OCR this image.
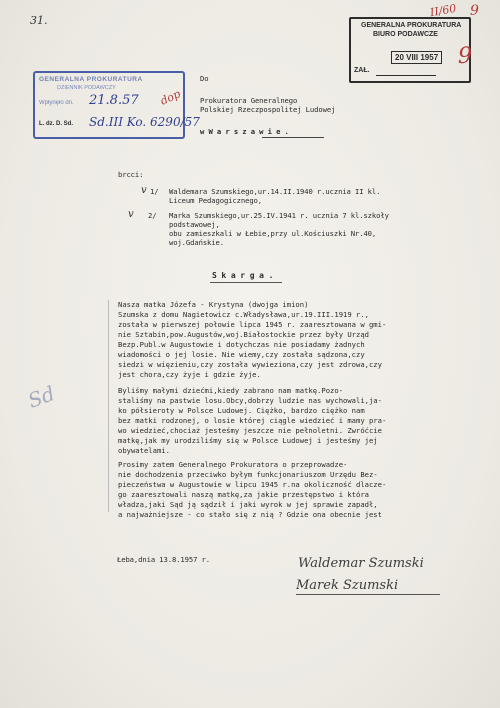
31.
9
GENERALNA PROKURATURA
DZIENNIK PODAWCZY
Wpłynęło dn. 21.8.57 dop
L. dz. D. Sd. Sd.III Ko. 6290/57
GENERALNA PROKURATURA
BIURO PODAWCZE
20 VIII 1957
ZAŁ.
II/60
9
Do
Prokuratora Generalnego
Polskiej Rzeczpospolitej Ludowej
w W a r s z a w i e .
brcci:
v 1/ Waldemara Szumskiego,ur.14.II.1940 r.ucznia II kl.
Liceum Pedagogicznego,
v 2/ Marka Szumskiego,ur.25.IV.1941 r. ucznia 7 kl.szkoły
podstawowej,
obu zamieszkali w Łebie,przy ul.Kościuszki Nr.40,
woj.Gdańskie.
S k a r g a .
Nasza matka Józefa - Krystyna (dwojga imion)
Szumska z domu Nagietowicz c.Władysława,ur.19.III.1919 r.,
została w pierwszej połowie lipca 1945 r. zaaresztowana w gmi-
nie Sztabin,pow.Augustów,woj.Białostockie przez były Urząd
Bezp.Publ.w Augustowie i dotychczas nie posiadamy żadnych
wiadomości o jej losie. Nie wiemy,czy została sądzona,czy
siedzi w więzieniu,czy została wywieziona,czy jest zdrowa,czy
jest chora,czy żyje i gdzie żyje.
Byliśmy małymi dziećmi,kiedy zabrano nam matkę.Pozo-
staliśmy na pastwie losu.Obcy,dobrzy ludzie nas wychowali,ja-
ko półsieroty w Polsce Ludowej. Ciężko, bardzo ciężko nam
bez matki rodzonej, o losie której ciągle wiedzieć i mamy pra-
wo wiedzieć,chociaż jesteśmy jeszcze nie pełnoletni. Zwróćcie
matkę,jak my urodziliśmy się w Polsce Ludowej i jesteśmy jej
obywatelami.
Prosimy zatem Generalnego Prokuratora o przeprowadze-
nie dochodzenia przeciwko byłym funkcjonariuszom Urzędu Bez-
pieczeństwa w Augustowie w lipcu 1945 r.na okoliczność dlacze-
go zaaresztowali naszą matkę,za jakie przestępstwo i która
władza,jaki Sąd ją sądził i jaki wyrok w jej sprawie zapadł,
a najważniejsze - co stało się z nią ? Gdzie ona obecnie jest
Sd
Łeba,dnia 13.8.1957 r.	Waldemar Szumski
Marek Szumski
